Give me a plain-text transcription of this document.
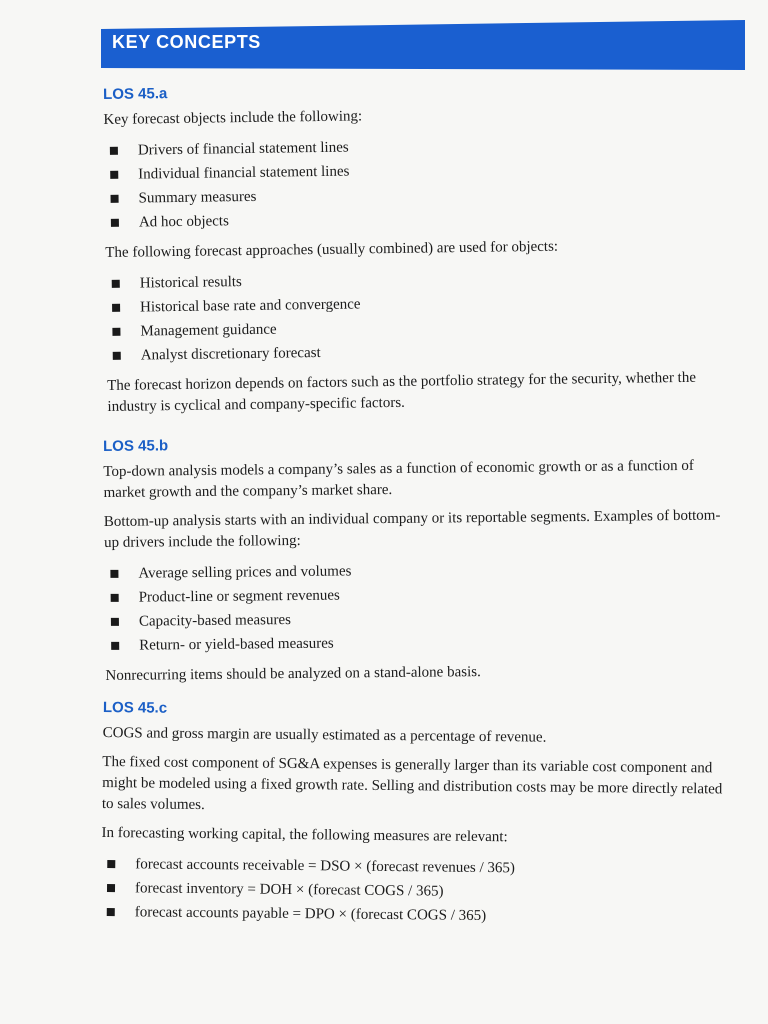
KEY CONCEPTS
LOS 45.a

Key forecast objects include the following:

Drivers of financial statement lines
Individual financial statement lines
Summary measures
Ad hoc objects

The following forecast approaches (usually combined) are used for objects:

Historical results
Historical base rate and convergence
Management guidance
Analyst discretionary forecast

The forecast horizon depends on factors such as the portfolio strategy for the security, whether the industry is cyclical and company-specific factors.

LOS 45.b

Top-down analysis models a company’s sales as a function of economic growth or as a function of market growth and the company’s market share.

Bottom-up analysis starts with an individual company or its reportable segments. Examples of bottom-up drivers include the following:

Average selling prices and volumes
Product-line or segment revenues
Capacity-based measures
Return- or yield-based measures

Nonrecurring items should be analyzed on a stand-alone basis.

LOS 45.c

COGS and gross margin are usually estimated as a percentage of revenue.

The fixed cost component of SG&A expenses is generally larger than its variable cost component and might be modeled using a fixed growth rate. Selling and distribution costs may be more directly related to sales volumes.

In forecasting working capital, the following measures are relevant:

forecast accounts receivable = DSO × (forecast revenues / 365)
forecast inventory = DOH × (forecast COGS / 365)
forecast accounts payable = DPO × (forecast COGS / 365)
